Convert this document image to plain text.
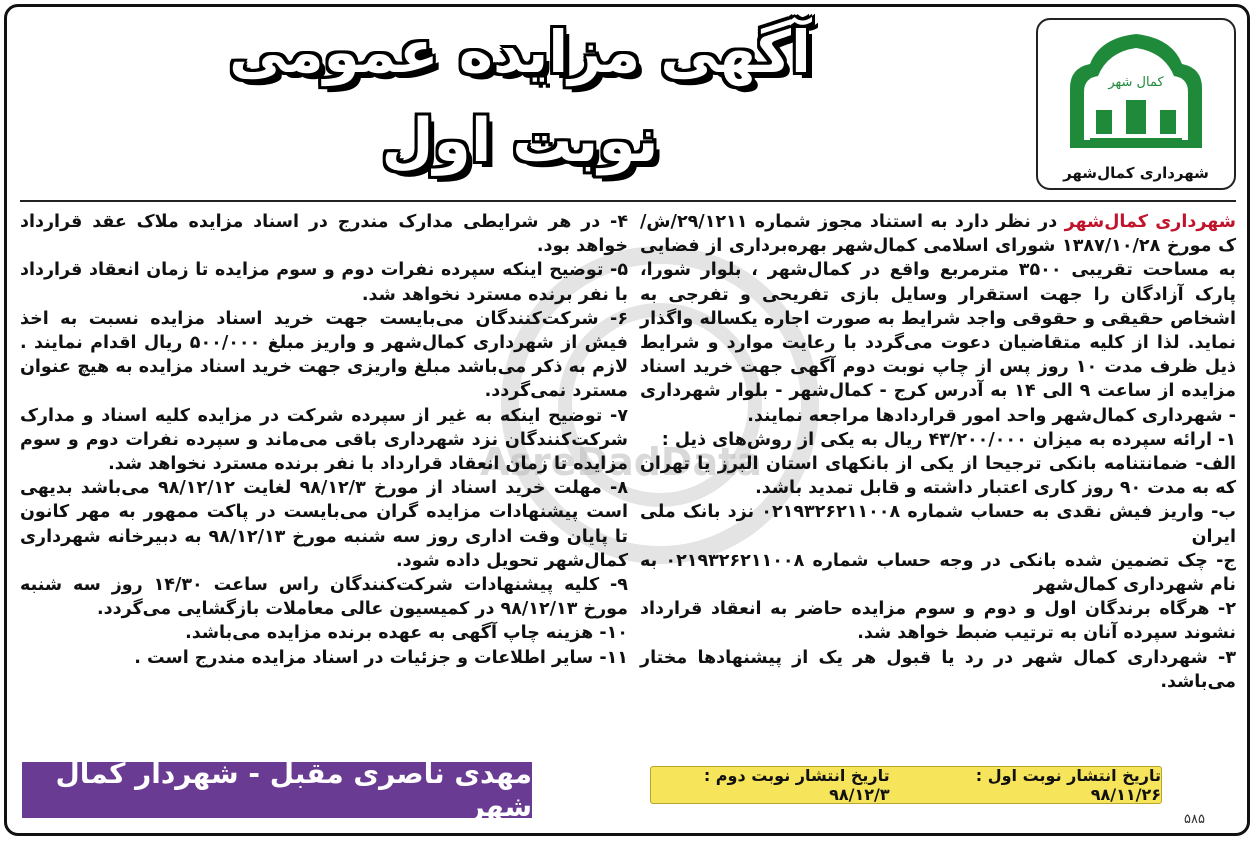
کمال شهر
شهرداری کمال‌شهر
آگهی مزایده عمومی
نوبت اول
AsreDadData

شهرداری کمال‌شهر در نظر دارد به استناد مجوز شماره ۲۹/۱۲۱۱/ش/ک مورخ ۱۳۸۷/۱۰/۲۸ شورای اسلامی کمال‌شهر بهره‌برداری از فضایی به مساحت تقریبی ۳۵۰۰ مترمربع واقع در کمال‌شهر ، بلوار شورا، پارک آزادگان را جهت استقرار وسایل بازی تفریحی و تفرجی به اشخاص حقیقی و حقوقی واجد شرایط به صورت اجاره یکساله واگذار نماید. لذا از کلیه متقاضیان دعوت می‌گردد با رعایت موارد و شرایط ذیل ظرف مدت ۱۰ روز پس از چاپ نوبت دوم آگهی جهت خرید اسناد مزایده از ساعت ۹ الی ۱۴ به آدرس کرج - کمال‌شهر - بلوار شهرداری - شهرداری کمال‌شهر واحد امور قراردادها مراجعه نمایند.

۱- ارائه سپرده به میزان ۴۳/۲۰۰/۰۰۰ ریال به یکی از روش‌های ذیل :

الف- ضمانتنامه بانکی ترجیحا از یکی از بانکهای استان البرز یا تهران که به مدت ۹۰ روز کاری اعتبار داشته و قابل تمدید باشد.

ب- واریز فیش نقدی به حساب شماره ۰۲۱۹۳۲۶۲۱۱۰۰۸ نزد بانک ملی ایران

ج- چک تضمین شده بانکی در وجه حساب شماره ۰۲۱۹۳۲۶۲۱۱۰۰۸ به نام شهرداری کمال‌شهر

۲- هرگاه برندگان اول و دوم و سوم مزایده حاضر به انعقاد قرارداد نشوند سپرده آنان به ترتیب ضبط خواهد شد.

۳- شهرداری کمال شهر در رد یا قبول هر یک از پیشنهادها مختار می‌باشد.

۴- در هر شرایطی مدارک مندرج در اسناد مزایده ملاک عقد قرارداد خواهد بود.

۵- توضیح اینکه سپرده نفرات دوم و سوم مزایده تا زمان انعقاد قرارداد با نفر برنده مسترد نخواهد شد.

۶- شرکت‌کنندگان می‌بایست جهت خرید اسناد مزایده نسبت به اخذ فیش از شهرداری کمال‌شهر و واریز مبلغ ۵۰۰/۰۰۰ ریال اقدام نمایند . لازم به ذکر می‌باشد مبلغ واریزی جهت خرید اسناد مزایده به هیچ عنوان مسترد نمی‌گردد.

۷- توضیح اینکه به غیر از سپرده شرکت در مزایده کلیه اسناد و مدارک شرکت‌کنندگان نزد شهرداری باقی می‌ماند و سپرده نفرات دوم و سوم مزایده تا زمان انعقاد قرارداد با نفر برنده مسترد نخواهد شد.

۸- مهلت خرید اسناد از مورخ ۹۸/۱۲/۳ لغایت ۹۸/۱۲/۱۲ می‌باشد بدیهی است پیشنهادات مزایده گران می‌بایست در پاکت ممهور به مهر کانون تا پایان وقت اداری روز سه شنبه مورخ ۹۸/۱۲/۱۳ به دبیرخانه شهرداری کمال‌شهر تحویل داده شود.

۹- کلیه پیشنهادات شرکت‌کنندگان راس ساعت ۱۴/۳۰ روز سه شنبه مورخ ۹۸/۱۲/۱۳ در کمیسیون عالی معاملات بازگشایی می‌گردد.

۱۰- هزینه چاپ آگهی به عهده برنده مزایده می‌باشد.

۱۱- سایر اطلاعات و جزئیات در اسناد مزایده مندرج است .

تاریخ انتشار نوبت اول : ۹۸/۱۱/۲۶
تاریخ انتشار نوبت دوم : ۹۸/۱۲/۳
مهدی ناصری مقبل - شهردار کمال شهر	۵۸۵
